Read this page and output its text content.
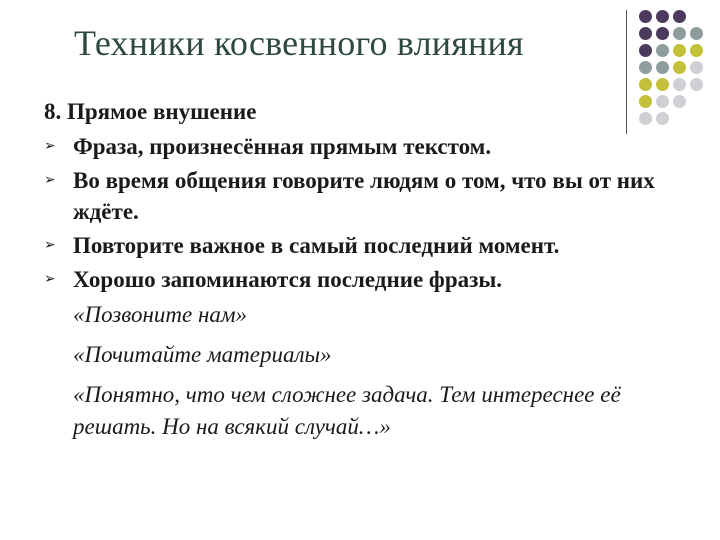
Техники косвенного влияния
8. Прямое внушение
➢ Фраза, произнесённая прямым текстом.
➢ Во время общения говорите людям о том, что вы от них ждёте.
➢ Повторите важное в самый последний момент.
➢ Хорошо запоминаются последние фразы.
«Позвоните нам»
«Почитайте материалы»
«Понятно, что чем сложнее задача. Тем интереснее её решать. Но на всякий случай…»
